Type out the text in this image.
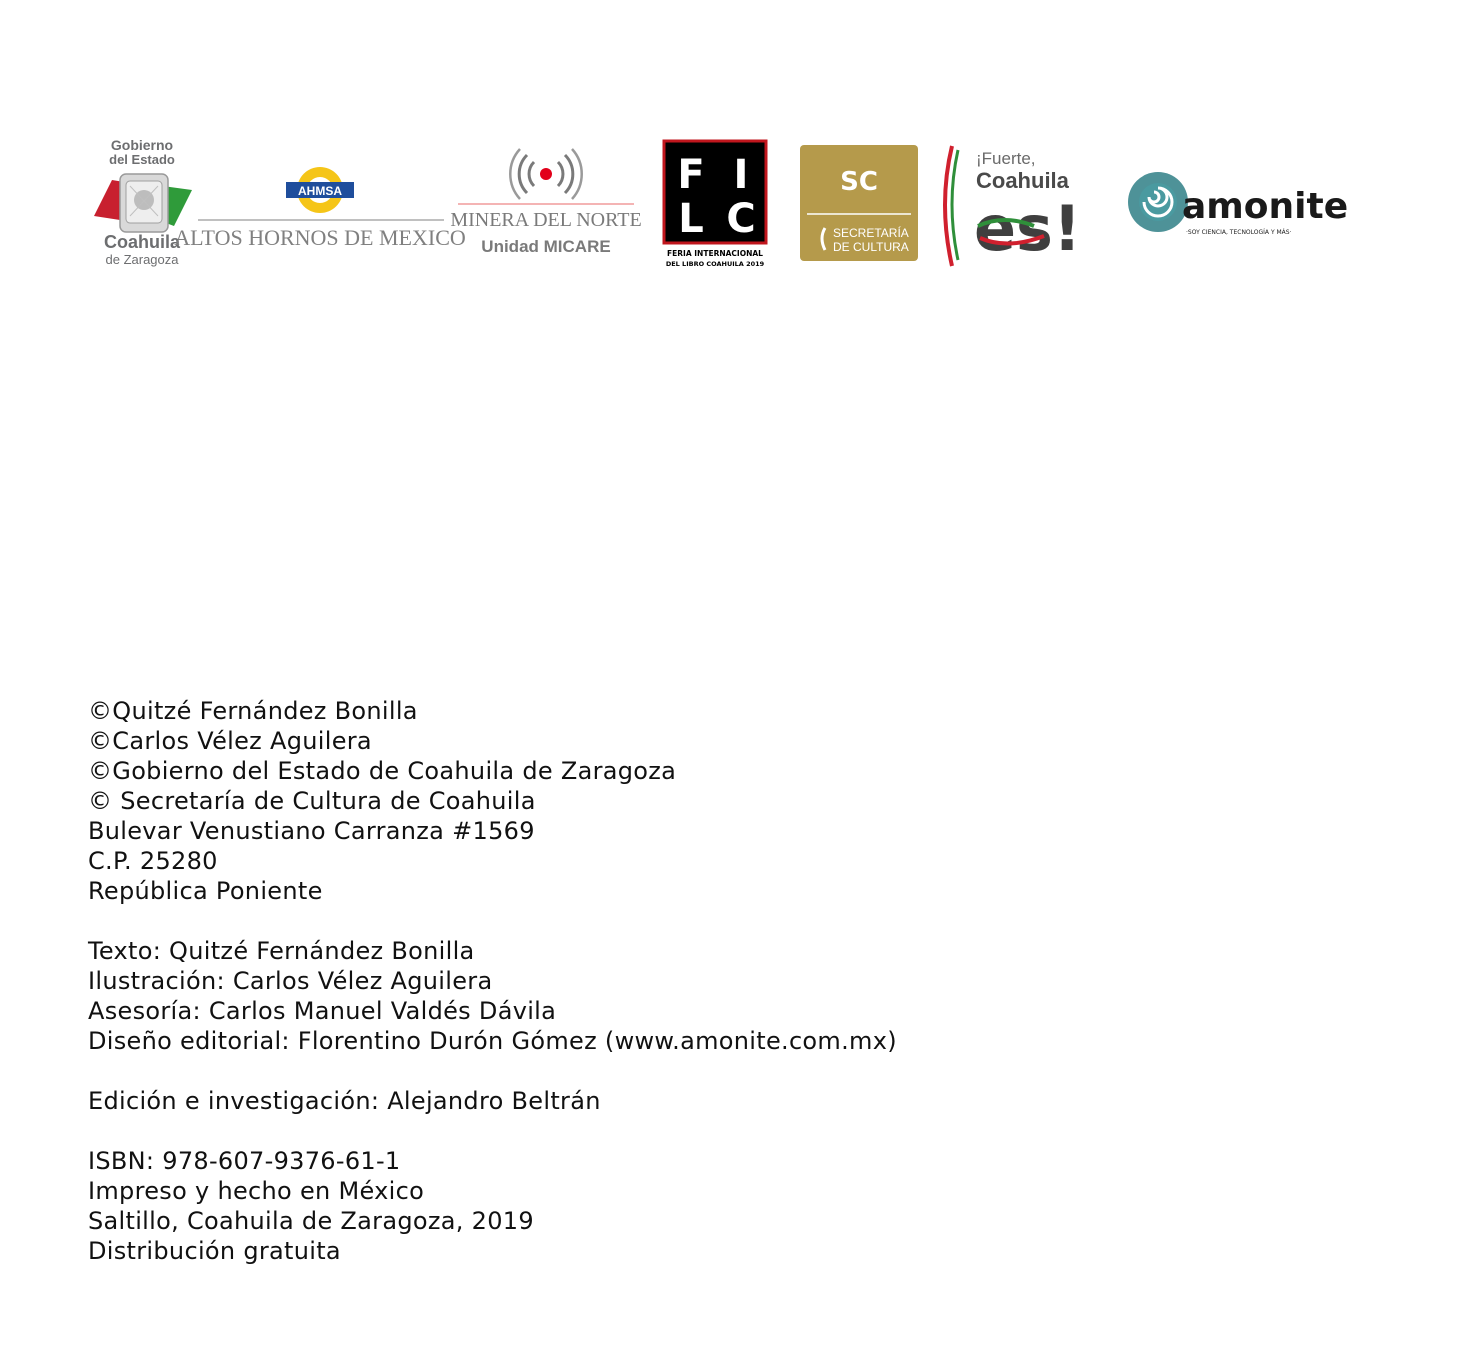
Gobierno
del Estado
Coahuila
de Zaragoza
AHMSA
ALTOS HORNOS DE MEXICO
MINERA DEL NORTE
Unidad MICARE
F I
L C
FERIA INTERNACIONAL
DEL LIBRO COAHUILA 2019
SC
SECRETARÍA
DE CULTURA
¡Fuerte,
Coahuila
es!	amonite
·SOY CIENCIA, TECNOLOGÍA Y MÁS·
©Quitzé Fernández Bonilla
©Carlos Vélez Aguilera
©Gobierno del Estado de Coahuila de Zaragoza
© Secretaría de Cultura de Coahuila
Bulevar Venustiano Carranza #1569
C.P. 25280
República Poniente
Texto: Quitzé Fernández Bonilla
Ilustración: Carlos Vélez Aguilera
Asesoría: Carlos Manuel Valdés Dávila
Diseño editorial: Florentino Durón Gómez (www.amonite.com.mx)
Edición e investigación: Alejandro Beltrán
ISBN: 978-607-9376-61-1
Impreso y hecho en México
Saltillo, Coahuila de Zaragoza, 2019
Distribución gratuita
